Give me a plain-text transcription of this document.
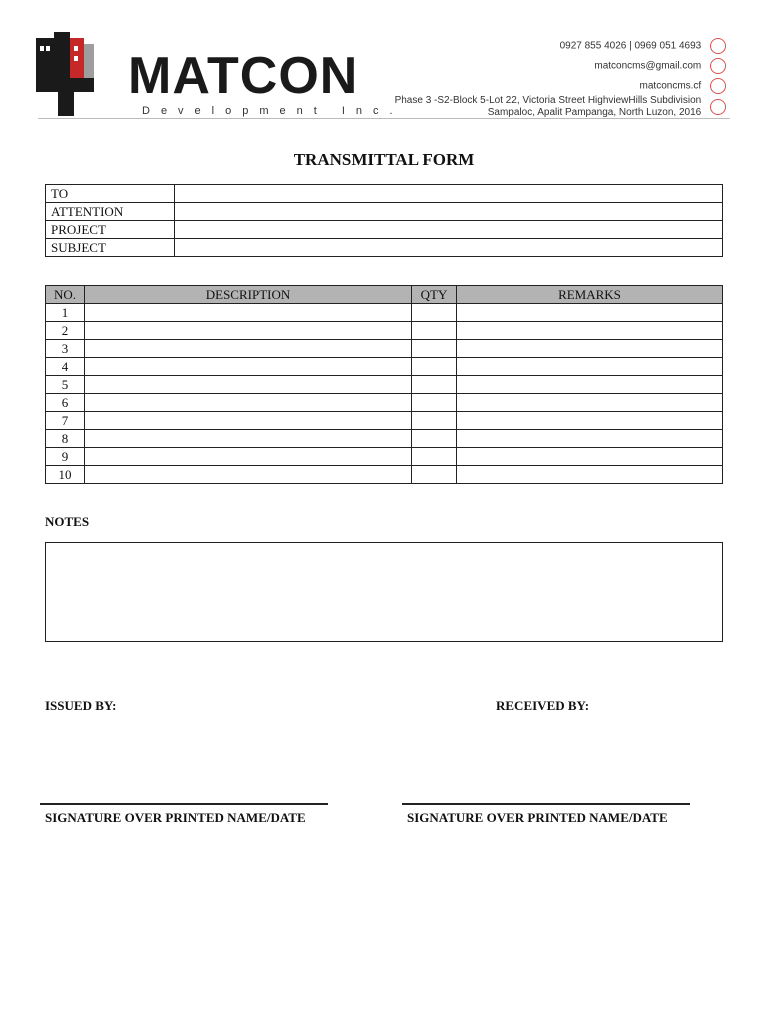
MATCON
Development Inc.
0927 855 4026 | 0969 051 4693
matconcms@gmail.com
matconcms.cf
Phase 3 -S2-Block 5-Lot 22, Victoria Street HighviewHills Subdivision
Sampaloc, Apalit Pampanga, North Luzon, 2016
TRANSMITTAL FORM
TO	
ATTENTION	
PROJECT	
SUBJECT	
NO.	DESCRIPTION	QTY	REMARKS
1			
2			
3			
4			
5			
6			
7			
8			
9			
10			
NOTES
ISSUED BY:	RECEIVED BY:
SIGNATURE OVER PRINTED NAME/DATE	SIGNATURE OVER PRINTED NAME/DATE
